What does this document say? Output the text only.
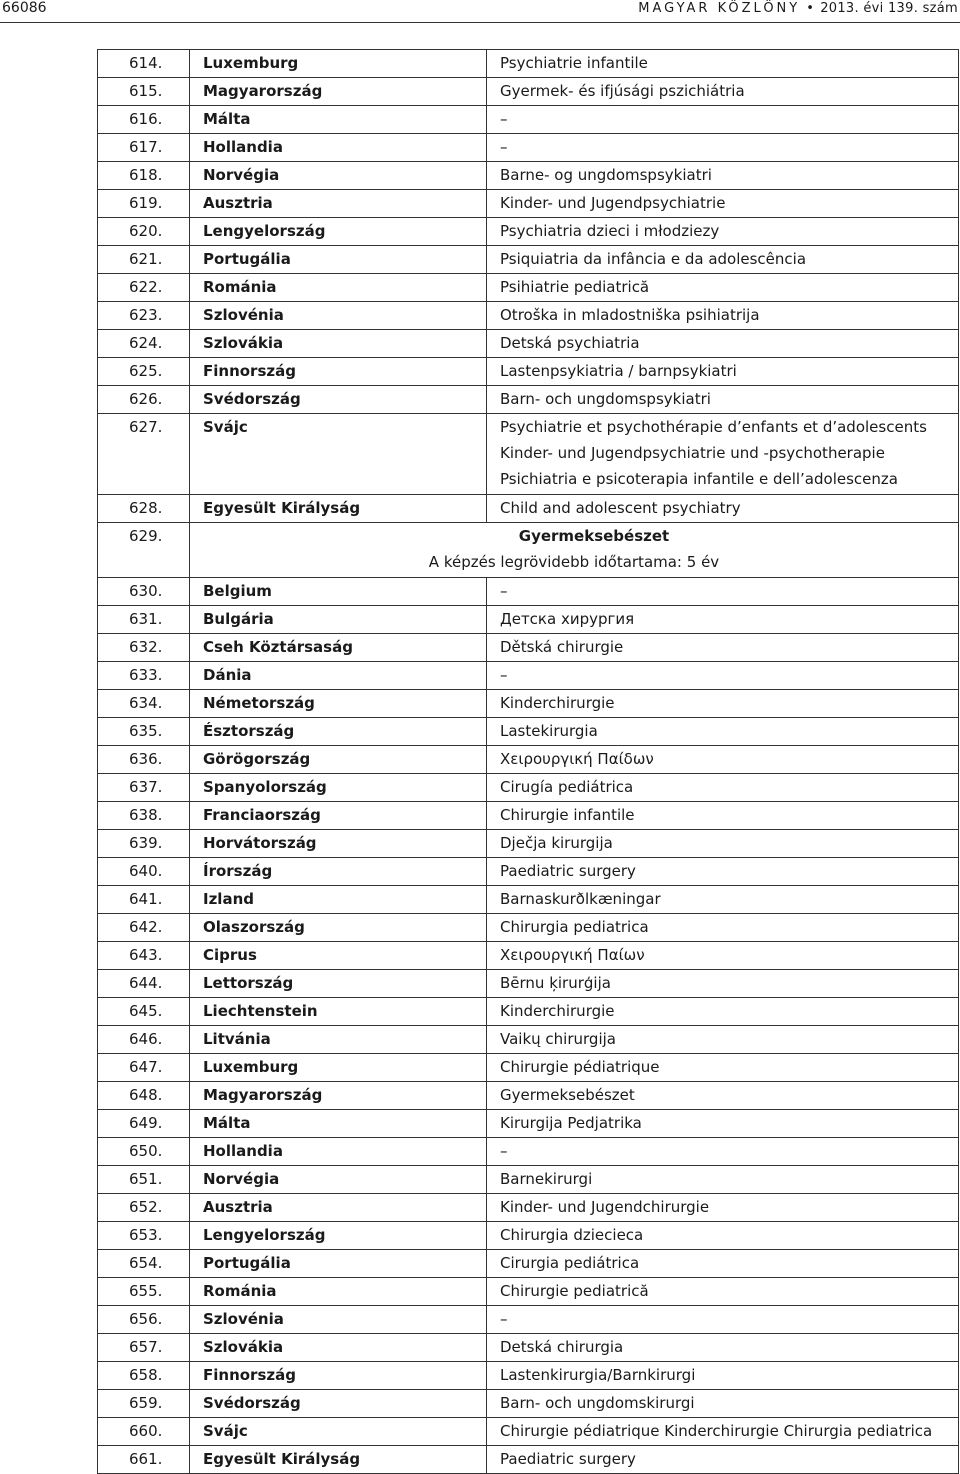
66086	MAGYAR KÖZLÖNY • 2013. évi 139. szám
614.	Luxemburg	Psychiatrie infantile

615.	Magyarország	Gyermek- és ifjúsági pszichiátria

616.	Málta	–

617.	Hollandia	–

618.	Norvégia	Barne- og ungdomspsykiatri

619.	Ausztria	Kinder- und Jugendpsychiatrie

620.	Lengyelország	Psychiatria dzieci i młodziezy

621.	Portugália	Psiquiatria da infância e da adolescência

622.	Románia	Psihiatrie pediatrică

623.	Szlovénia	Otroška in mladostniška psihiatrija

624.	Szlovákia	Detská psychiatria

625.	Finnország	Lastenpsykiatria / barnpsykiatri

626.	Svédország	Barn- och ungdomspsykiatri

627.	Svájc	Psychiatrie et psychothérapie d’enfants et d’adolescents
Kinder- und Jugendpsychiatrie und -psychotherapie
Psichiatria e psicoterapia infantile e dell’adolescenza

628.	Egyesült Királyság	Child and adolescent psychiatry

629.	Gyermeksebészet
A képzés legrövidebb időtartama: 5 év	

630.	Belgium	–

631.	Bulgária	Детска хирургия

632.	Cseh Köztársaság	Dětská chirurgie

633.	Dánia	–

634.	Németország	Kinderchirurgie

635.	Észtország	Lastekirurgia

636.	Görögország	Χειρουργική Παίδων

637.	Spanyolország	Cirugía pediátrica

638.	Franciaország	Chirurgie infantile

639.	Horvátország	Dječja kirurgija

640.	Írország	Paediatric surgery

641.	Izland	Barnaskurðlkæningar

642.	Olaszország	Chirurgia pediatrica

643.	Ciprus	Χειρουργική Παίων

644.	Lettország	Bērnu ķirurģija

645.	Liechtenstein	Kinderchirurgie

646.	Litvánia	Vaikų chirurgija

647.	Luxemburg	Chirurgie pédiatrique

648.	Magyarország	Gyermeksebészet

649.	Málta	Kirurgija Pedjatrika

650.	Hollandia	–

651.	Norvégia	Barnekirurgi

652.	Ausztria	Kinder- und Jugendchirurgie

653.	Lengyelország	Chirurgia dziecieca

654.	Portugália	Cirurgia pediátrica

655.	Románia	Chirurgie pediatrică

656.	Szlovénia	–

657.	Szlovákia	Detská chirurgia

658.	Finnország	Lastenkirurgia/Barnkirurgi

659.	Svédország	Barn- och ungdomskirurgi

660.	Svájc	Chirurgie pédiatrique Kinderchirurgie Chirurgia pediatrica

661.	Egyesült Királyság	Paediatric surgery
